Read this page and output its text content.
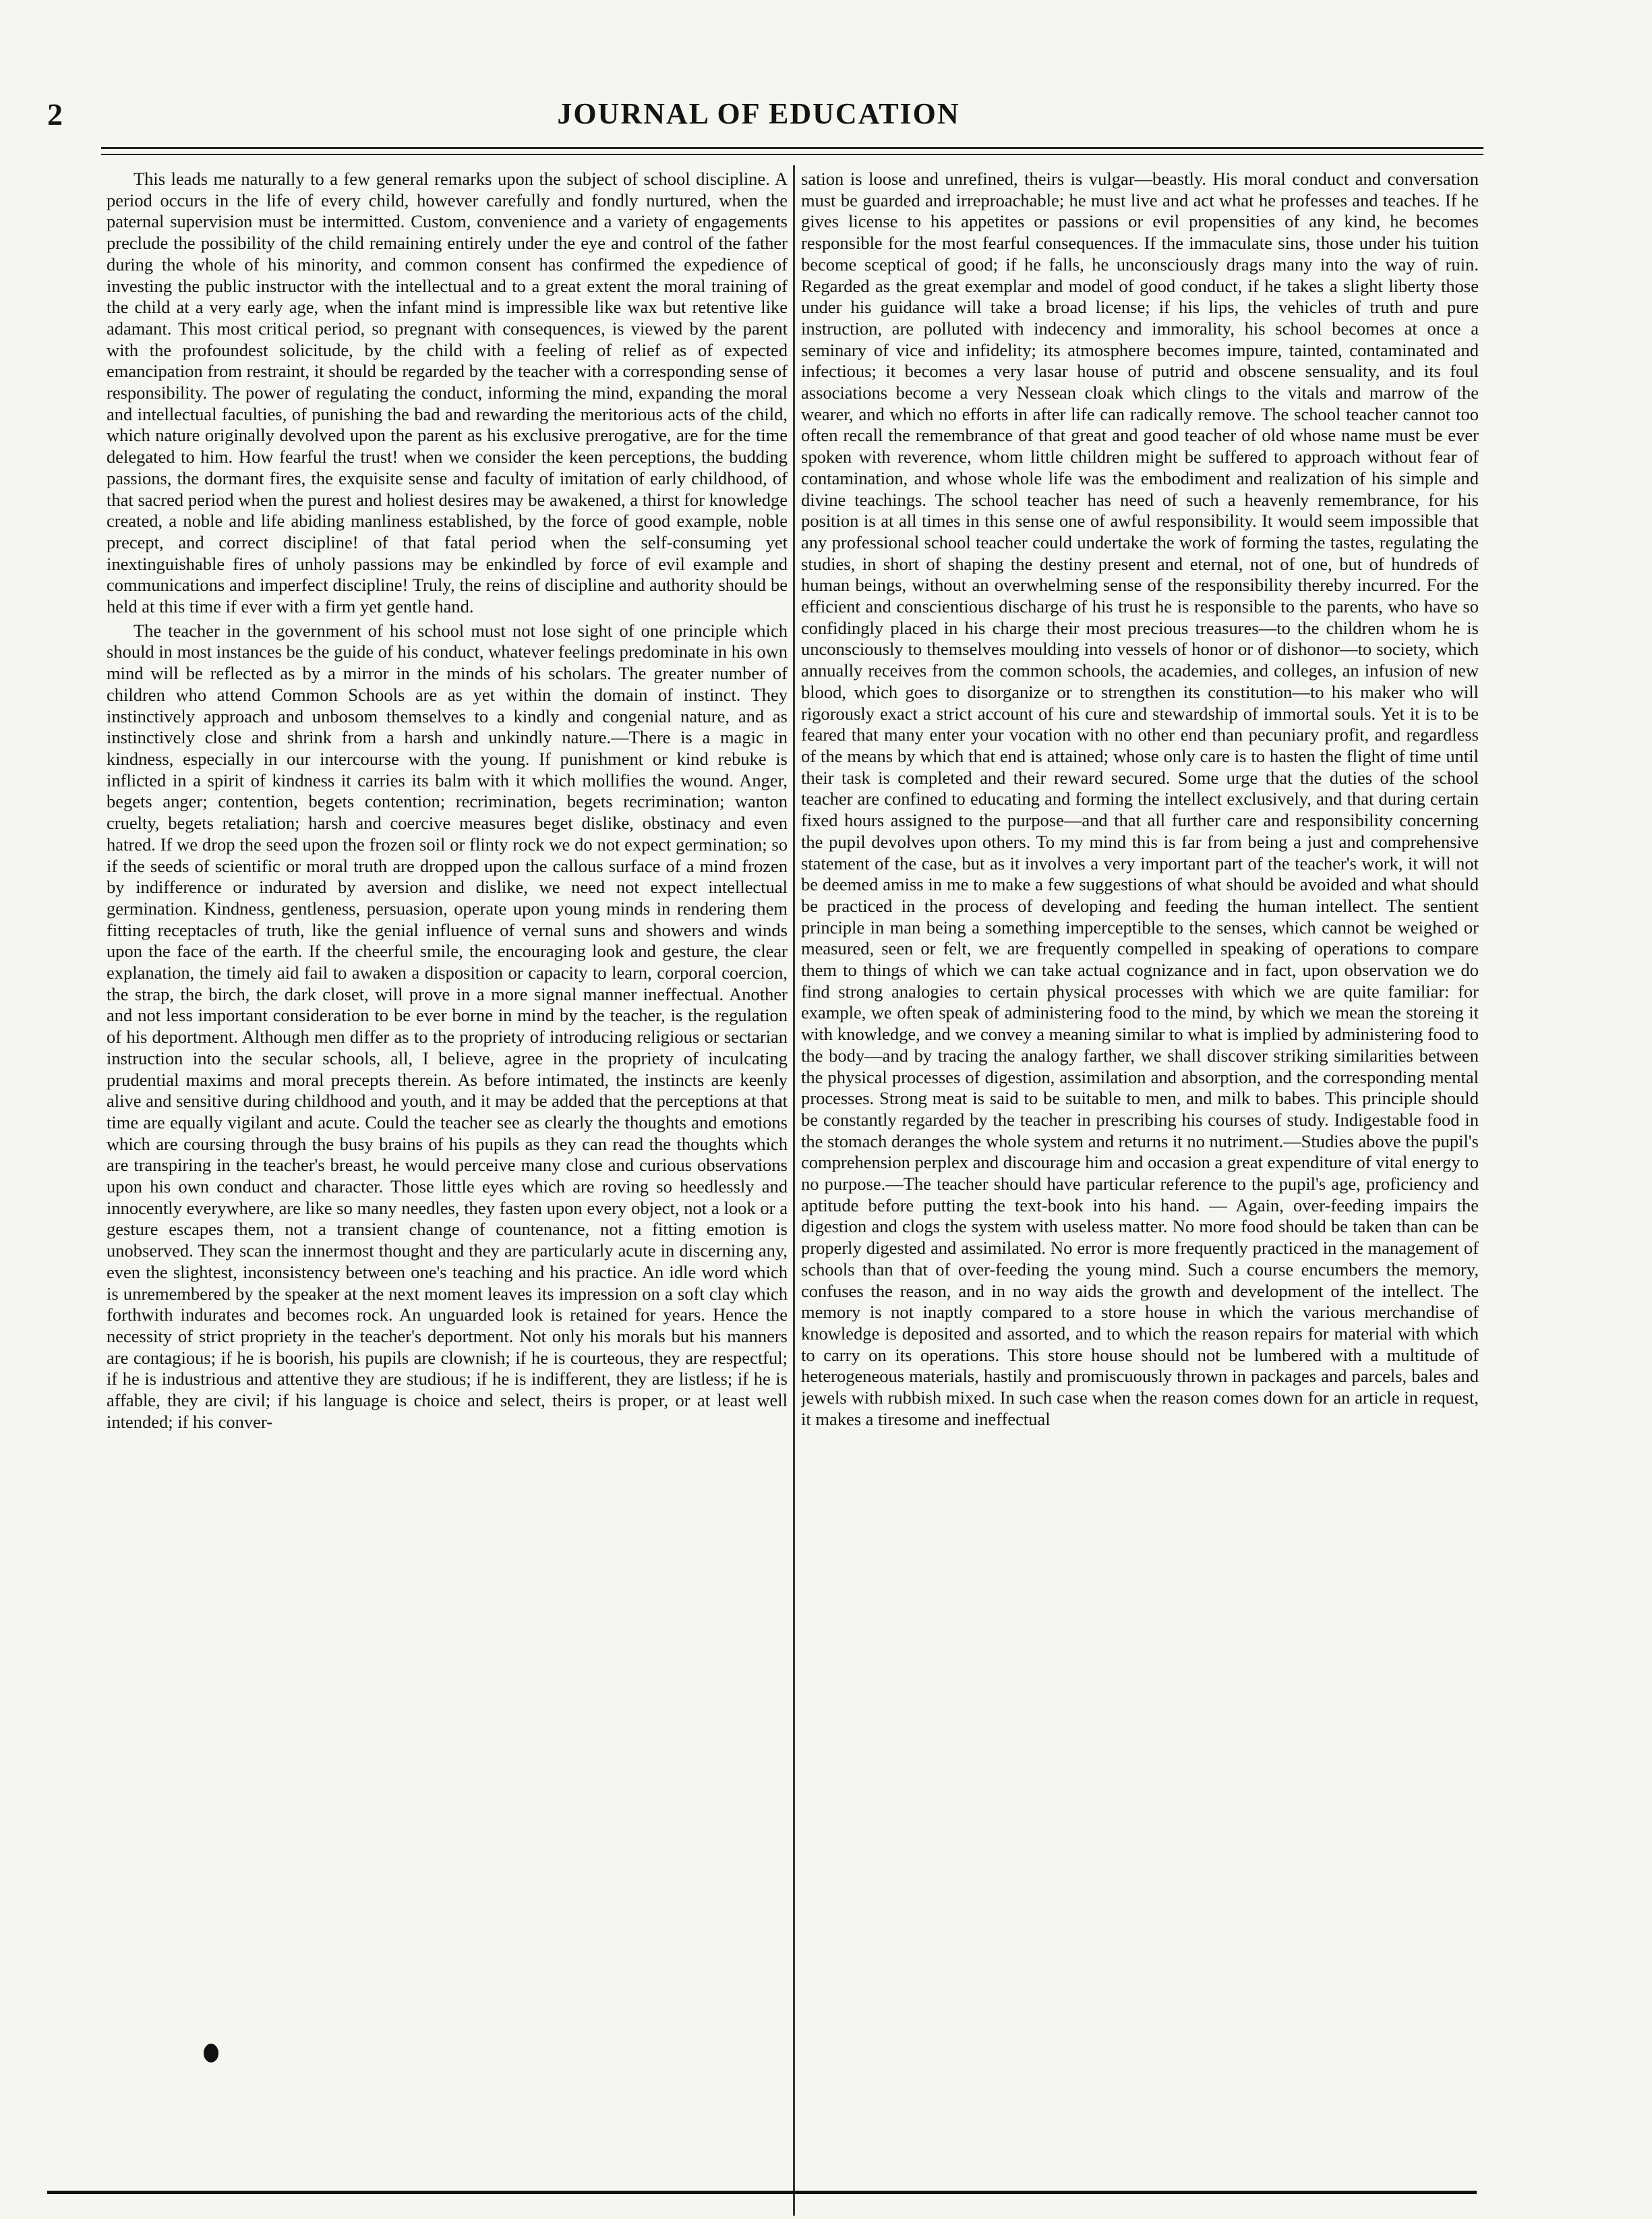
2	JOURNAL OF EDUCATION

This leads me naturally to a few general remarks upon the subject of school discipline. A period occurs in the life of every child, however carefully and fondly nurtured, when the paternal supervision must be intermitted. Custom, convenience and a variety of engagements preclude the possibility of the child remaining entirely under the eye and control of the father during the whole of his minority, and common consent has confirmed the expedience of investing the public instructor with the intellectual and to a great extent the moral training of the child at a very early age, when the infant mind is impressible like wax but retentive like adamant. This most critical period, so pregnant with consequences, is viewed by the parent with the profoundest solicitude, by the child with a feeling of relief as of expected emancipation from restraint, it should be regarded by the teacher with a corresponding sense of responsibility. The power of regulating the conduct, informing the mind, expanding the moral and intellectual faculties, of punishing the bad and rewarding the meritorious acts of the child, which nature originally devolved upon the parent as his exclusive prerogative, are for the time delegated to him. How fearful the trust! when we consider the keen perceptions, the budding passions, the dormant fires, the exquisite sense and faculty of imitation of early childhood, of that sacred period when the purest and holiest desires may be awakened, a thirst for knowledge created, a noble and life abiding manliness established, by the force of good example, noble precept, and correct discipline! of that fatal period when the self-consuming yet inextinguishable fires of unholy passions may be enkindled by force of evil example and communications and imperfect discipline! Truly, the reins of discipline and authority should be held at this time if ever with a firm yet gentle hand.

The teacher in the government of his school must not lose sight of one principle which should in most instances be the guide of his conduct, whatever feelings predominate in his own mind will be reflected as by a mirror in the minds of his scholars. The greater number of children who attend Common Schools are as yet within the domain of instinct. They instinctively approach and unbosom themselves to a kindly and congenial nature, and as instinctively close and shrink from a harsh and unkindly nature.—There is a magic in kindness, especially in our intercourse with the young. If punishment or kind rebuke is inflicted in a spirit of kindness it carries its balm with it which mollifies the wound. Anger, begets anger; contention, begets contention; recrimination, begets recrimination; wanton cruelty, begets retaliation; harsh and coercive measures beget dislike, obstinacy and even hatred. If we drop the seed upon the frozen soil or flinty rock we do not expect germination; so if the seeds of scientific or moral truth are dropped upon the callous surface of a mind frozen by indifference or indurated by aversion and dislike, we need not expect intellectual germination. Kindness, gentleness, persuasion, operate upon young minds in rendering them fitting receptacles of truth, like the genial influence of vernal suns and showers and winds upon the face of the earth. If the cheerful smile, the encouraging look and gesture, the clear explanation, the timely aid fail to awaken a disposition or capacity to learn, corporal coercion, the strap, the birch, the dark closet, will prove in a more signal manner ineffectual. Another and not less important consideration to be ever borne in mind by the teacher, is the regulation of his deportment. Although men differ as to the propriety of introducing religious or sectarian instruction into the secular schools, all, I believe, agree in the propriety of inculcating prudential maxims and moral precepts therein. As before intimated, the instincts are keenly alive and sensitive during childhood and youth, and it may be added that the perceptions at that time are equally vigilant and acute. Could the teacher see as clearly the thoughts and emotions which are coursing through the busy brains of his pupils as they can read the thoughts which are transpiring in the teacher's breast, he would perceive many close and curious observations upon his own conduct and character. Those little eyes which are roving so heedlessly and innocently everywhere, are like so many needles, they fasten upon every object, not a look or a gesture escapes them, not a transient change of countenance, not a fitting emotion is unobserved. They scan the innermost thought and they are particularly acute in discerning any, even the slightest, inconsistency between one's teaching and his practice. An idle word which is unremembered by the speaker at the next moment leaves its impression on a soft clay which forthwith indurates and becomes rock. An unguarded look is retained for years. Hence the necessity of strict propriety in the teacher's deportment. Not only his morals but his manners are contagious; if he is boorish, his pupils are clownish; if he is courteous, they are respectful; if he is industrious and attentive they are studious; if he is indifferent, they are listless; if he is affable, they are civil; if his language is choice and select, theirs is proper, or at least well intended; if his conver-

sation is loose and unrefined, theirs is vulgar—beastly. His moral conduct and conversation must be guarded and irreproachable; he must live and act what he professes and teaches. If he gives license to his appetites or passions or evil propensities of any kind, he becomes responsible for the most fearful consequences. If the immaculate sins, those under his tuition become sceptical of good; if he falls, he unconsciously drags many into the way of ruin. Regarded as the great exemplar and model of good conduct, if he takes a slight liberty those under his guidance will take a broad license; if his lips, the vehicles of truth and pure instruction, are polluted with indecency and immorality, his school becomes at once a seminary of vice and infidelity; its atmosphere becomes impure, tainted, contaminated and infectious; it becomes a very lasar house of putrid and obscene sensuality, and its foul associations become a very Nessean cloak which clings to the vitals and marrow of the wearer, and which no efforts in after life can radically remove. The school teacher cannot too often recall the remembrance of that great and good teacher of old whose name must be ever spoken with reverence, whom little children might be suffered to approach without fear of contamination, and whose whole life was the embodiment and realization of his simple and divine teachings. The school teacher has need of such a heavenly remembrance, for his position is at all times in this sense one of awful responsibility. It would seem impossible that any professional school teacher could undertake the work of forming the tastes, regulating the studies, in short of shaping the destiny present and eternal, not of one, but of hundreds of human beings, without an overwhelming sense of the responsibility thereby incurred. For the efficient and conscientious discharge of his trust he is responsible to the parents, who have so confidingly placed in his charge their most precious treasures—to the children whom he is unconsciously to themselves moulding into vessels of honor or of dishonor—to society, which annually receives from the common schools, the academies, and colleges, an infusion of new blood, which goes to disorganize or to strengthen its constitution—to his maker who will rigorously exact a strict account of his cure and stewardship of immortal souls. Yet it is to be feared that many enter your vocation with no other end than pecuniary profit, and regardless of the means by which that end is attained; whose only care is to hasten the flight of time until their task is completed and their reward secured. Some urge that the duties of the school teacher are confined to educating and forming the intellect exclusively, and that during certain fixed hours assigned to the purpose—and that all further care and responsibility concerning the pupil devolves upon others. To my mind this is far from being a just and comprehensive statement of the case, but as it involves a very important part of the teacher's work, it will not be deemed amiss in me to make a few suggestions of what should be avoided and what should be practiced in the process of developing and feeding the human intellect. The sentient principle in man being a something imperceptible to the senses, which cannot be weighed or measured, seen or felt, we are frequently compelled in speaking of operations to compare them to things of which we can take actual cognizance and in fact, upon observation we do find strong analogies to certain physical processes with which we are quite familiar: for example, we often speak of administering food to the mind, by which we mean the storeing it with knowledge, and we convey a meaning similar to what is implied by administering food to the body—and by tracing the analogy farther, we shall discover striking similarities between the physical processes of digestion, assimilation and absorption, and the corresponding mental processes. Strong meat is said to be suitable to men, and milk to babes. This principle should be constantly regarded by the teacher in prescribing his courses of study. Indigestable food in the stomach deranges the whole system and returns it no nutriment.—Studies above the pupil's comprehension perplex and discourage him and occasion a great expenditure of vital energy to no purpose.—The teacher should have particular reference to the pupil's age, proficiency and aptitude before putting the text-book into his hand. — Again, over-feeding impairs the digestion and clogs the system with useless matter. No more food should be taken than can be properly digested and assimilated. No error is more frequently practiced in the management of schools than that of over-feeding the young mind. Such a course encumbers the memory, confuses the reason, and in no way aids the growth and development of the intellect. The memory is not inaptly compared to a store house in which the various merchandise of knowledge is deposited and assorted, and to which the reason repairs for material with which to carry on its operations. This store house should not be lumbered with a multitude of heterogeneous materials, hastily and promiscuously thrown in packages and parcels, bales and jewels with rubbish mixed. In such case when the reason comes down for an article in request, it makes a tiresome and ineffectual
